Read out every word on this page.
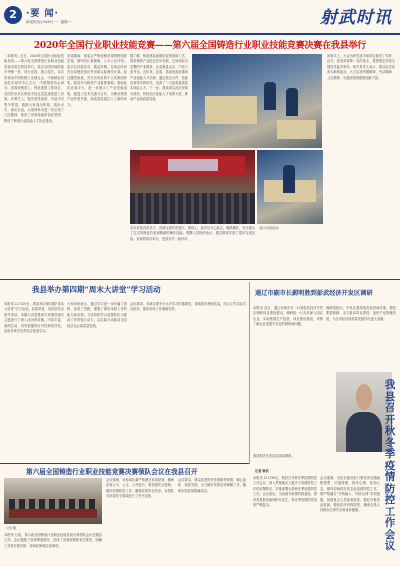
2	·要 闻·
新闻热线:(0449)······ 编辑:····	射武时讯
2020年全国行业职业技能竞赛——第六届全国铸造行业职业技能竞赛决赛在我县举行
（本报讯）近日，2020年全国行业职业技能竞赛——第六届全国铸造行业职业技能竞赛决赛在我县举行。来自全国各地的选手齐聚一堂，同台竞技，展示技艺。本次竞赛由中国机械工业联合会、中国就业培训技术指导中心主办，中国铸造协会承办。竞赛设铸造工、铸造造型工等项目，全国各省市区的选手经过层层选拔进入决赛。开幕式上，相关领导致辞，对选手们寄予厚望，鼓励大家赛出风格、赛出水平，赛出友谊。大赛的举办进一步弘扬了工匠精神，营造了崇尚技能的良好氛围，推动了铸造行业技能人才队伍建设。
竞赛期间，组委会严格按照竞赛规程组织实施，裁判员认真履职，公平公正评判。选手们沉着应对，精益求精，在规定时间内完成理论知识考试和实际操作比赛。经过激烈角逐，决出各项目的个人奖和团体奖。我县作为铸造产业重要基地，借助此次竞赛平台，进一步展示了产业发展成果，促进了技术交流与合作，为推动铸造产业转型升级、高质量发展注入了新的动力。
据了解，铸造是装备制造业的基础工艺，我县铸造产业经过多年发展，已形成较为完整的产业链条，企业数量众多，产品门类齐全。近年来，县委、县政府高度重视产业技能人才培养，通过校企合作、技能竞赛等多种形式，培养了一大批高素质技术技能人才。下一步，我县将以此次竞赛为契机，持续加大技能人才培养力度，推动产业高质量发展。
（图为竞赛现场）
本次竞赛历时多天，各项比赛有序进行。赛场上，选手们专心致志，娴熟操作，充分展示了扎实的理论功底和精湛的操作技能。观摩人员纷纷表示，通过观赛学到了很多宝贵经验。竞赛的成功举办，受到各方一致好评。
闭幕式上，大会为获奖选手和单位颁发了奖杯、证书。获得竞赛第一名的选手，将按规定申报全国技术能手称号。相关负责人表示，将以此次竞赛为新的起点，大力弘扬劳模精神、劳动精神、工匠精神，为建设制造强国贡献力量。
我县举办第四期“周末大讲堂”学习活动
本报讯 11月29日，我县举办第四期“周末大讲堂”学习活动。县委常委、宣传部长出席并讲话。本期大讲堂邀请专家围绕相关主题进行了深入浅出的讲解，内容丰富、案例生动，具有很强的针对性和指导性。县直各单位负责同志参加学习。
大家纷纷表示，通过学习进一步开阔了视野，拓宽了思路，增强了做好本职工作的能力和本领。今后将把学习成果转化为推动工作的强大动力，以实际行动推动全县经济社会高质量发展。
会议要求，各单位要充分认识学习的重要性，持续抓好理论武装，结合工作实际学以致用，推动各项工作落地见效。
通辽市副市长蔚明胜到彭武经济开发区调研
本报讯 近日，通辽市副市长一行到彭武经济开发区调研项目建设情况。调研组一行先后深入园区企业，实地察看生产经营、项目建设情况，详细了解企业发展中存在的困难和问题。
调研组指出，开发区要持续优化营商环境，强化要素保障，全力推动项目建设，加快产业集聚发展，为全市经济高质量发展作出更大贡献。
我县相关负责同志陪同调研。
第六届全国铸造行业职业技能竞赛决赛领队会议在我县召开
记者 摄
本报讯 日前，第六届全国铸造行业职业技能竞赛决赛领队会议在我县召开。会议通报了竞赛筹备情况，宣读了竞赛规程和有关要求，明确了竞赛日程安排、赛场纪律和注意事项。
会议强调，各参赛队要严格遵守竞赛纪律，确保竞赛公平、公正、公开进行。要加强安全管理，做好疫情防控工作，确保竞赛安全有序。各领队对竞赛有关事项进行了充分交流。
会议要求，要以高度的责任感和使命感，精心组织、周密安排，全力做好竞赛各项保障工作，确保本届竞赛圆满成功。
记者 耿岩
本报讯 11月30日，我县召开秋冬季疫情防控工作会议，深入贯彻落实上级关于疫情防控工作的部署要求，安排部署全县秋冬季疫情防控工作。会议指出，当前境外疫情持续蔓延，国内零星散发病例时有发生，秋冬季疫情防控形势严峻复杂。
会议强调，全县各级各部门要坚决克服麻痹思想、厌战情绪、侥幸心理、松劲心态，慎终如始抓好常态化疫情防控工作。要严格落实“外防输入、内防反弹”各项措施，加强重点人员排查管控，做好冷链食品检测，强化医疗机构防控，确保全县人民群众生命安全和身体健康。
我县召开秋冬季疫情防控工作会议
